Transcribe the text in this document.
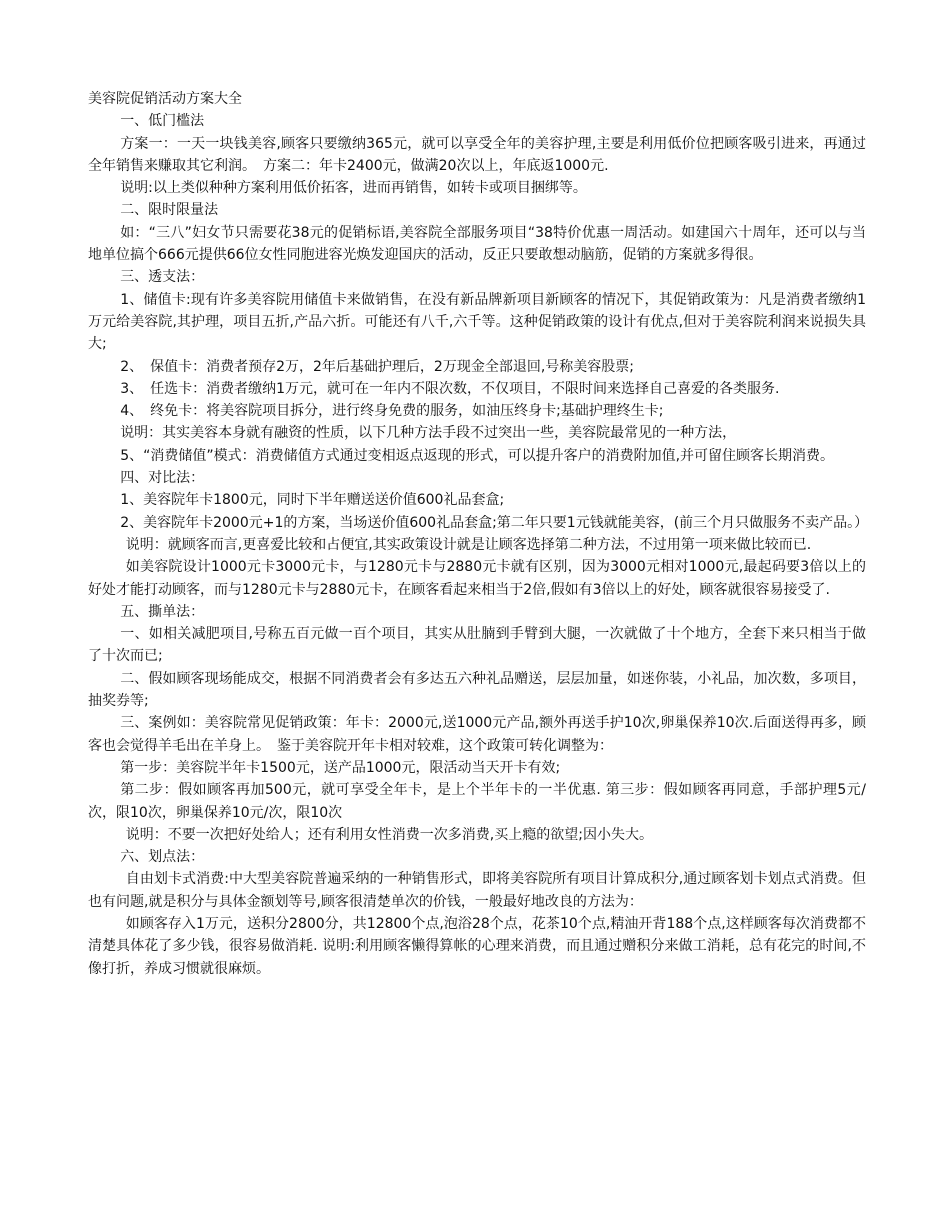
美容院促销活动方案大全

一、低门槛法

方案一：一天一块钱美容,顾客只要缴纳365元，就可以享受全年的美容护理,主要是利用低价位把顾客吸引进来，再通过全年销售来赚取其它利润。　方案二：年卡2400元，做满20次以上，年底返1000元.

说明:以上类似种种方案利用低价拓客，进而再销售，如转卡或项目捆绑等。

二、限时限量法

如：“三八”妇女节只需要花38元的促销标语,美容院全部服务项目“38特价优惠一周活动。如建国六十周年，还可以与当地单位搞个666元提供66位女性同胞进容光焕发迎国庆的活动，反正只要敢想动脑筋，促销的方案就多得很。

三、透支法：

1、储值卡:现有许多美容院用储值卡来做销售，在没有新品牌新项目新顾客的情况下，其促销政策为：凡是消费者缴纳1万元给美容院,其护理，项目五折,产品六折。可能还有八千,六千等。这种促销政策的设计有优点,但对于美容院利润来说损失具大;

2、　保值卡：消费者预存2万，2年后基础护理后，2万现金全部退回,号称美容股票;

3、　任选卡：消费者缴纳1万元，就可在一年内不限次数，不仅项目，不限时间来选择自己喜爱的各类服务.

4、　终免卡：将美容院项目拆分，进行终身免费的服务，如油压终身卡;基础护理终生卡;

说明：其实美容本身就有融资的性质，以下几种方法手段不过突出一些，美容院最常见的一种方法，

5、“消费储值”模式：消费储值方式通过变相返点返现的形式，可以提升客户的消费附加值,并可留住顾客长期消费。

四、对比法：

1、美容院年卡1800元，同时下半年赠送送价值600礼品套盒;

2、美容院年卡2000元+1的方案，当场送价值600礼品套盒;第二年只要1元钱就能美容，(前三个月只做服务不卖产品。）

说明：就顾客而言,更喜爱比较和占便宜,其实政策设计就是让顾客选择第二种方法，不过用第一项来做比较而已.

如美容院设计1000元卡3000元卡，与1280元卡与2880元卡就有区别，因为3000元相对1000元,最起码要3倍以上的好处才能打动顾客，而与1280元卡与2880元卡，在顾客看起来相当于2倍,假如有3倍以上的好处，顾客就很容易接受了.

五、撕单法：

一、如相关减肥项目,号称五百元做一百个项目，其实从肚腩到手臂到大腿，一次就做了十个地方，全套下来只相当于做了十次而已;

二、假如顾客现场能成交，根据不同消费者会有多达五六种礼品赠送，层层加量，如迷你装，小礼品，加次数，多项目，抽奖券等;

三、案例如：美容院常见促销政策：年卡：2000元,送1000元产品,额外再送手护10次,卵巢保养10次.后面送得再多，顾客也会觉得羊毛出在羊身上。　鉴于美容院开年卡相对较难，这个政策可转化调整为：

第一步：美容院半年卡1500元，送产品1000元，限活动当天开卡有效;

第二步：假如顾客再加500元，就可享受全年卡，是上个半年卡的一半优惠. 第三步：假如顾客再同意，手部护理5元/次，限10次，卵巢保养10元/次，限10次

说明：不要一次把好处给人；还有利用女性消费一次多消费,买上瘾的欲望;因小失大。

六、划点法：

自由划卡式消费:中大型美容院普遍采纳的一种销售形式，即将美容院所有项目计算成积分,通过顾客划卡划点式消费。但也有问题,就是积分与具体金额划等号,顾客很清楚单次的价钱，一般最好地改良的方法为：

如顾客存入1万元，送积分2800分，共12800个点,泡浴28个点，花茶10个点,精油开背188个点,这样顾客每次消费都不清楚具体花了多少钱，很容易做消耗. 说明:利用顾客懒得算帐的心理来消费，而且通过赠积分来做工消耗，总有花完的时间,不像打折，养成习惯就很麻烦。
